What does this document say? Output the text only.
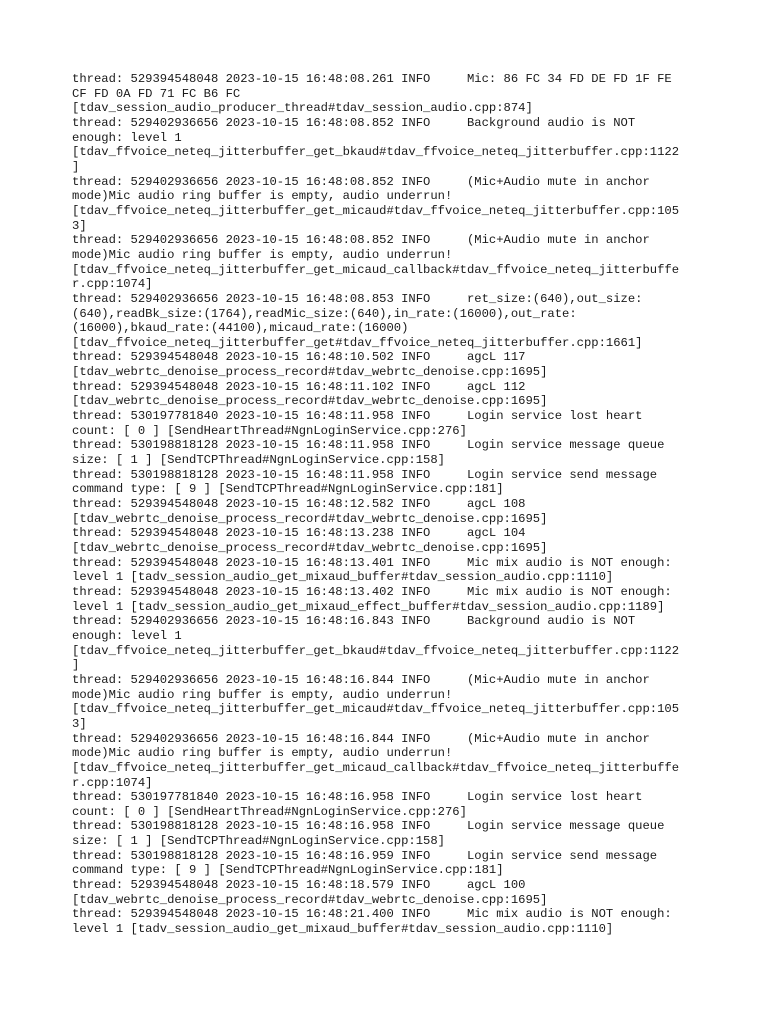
thread: 529394548048 2023-10-15 16:48:08.261 INFO     Mic: 86 FC 34 FD DE FD 1F FE
CF FD 0A FD 71 FC B6 FC
[tdav_session_audio_producer_thread#tdav_session_audio.cpp:874]
thread: 529402936656 2023-10-15 16:48:08.852 INFO     Background audio is NOT
enough: level 1
[tdav_ffvoice_neteq_jitterbuffer_get_bkaud#tdav_ffvoice_neteq_jitterbuffer.cpp:1122
]
thread: 529402936656 2023-10-15 16:48:08.852 INFO     (Mic+Audio mute in anchor
mode)Mic audio ring buffer is empty, audio underrun!
[tdav_ffvoice_neteq_jitterbuffer_get_micaud#tdav_ffvoice_neteq_jitterbuffer.cpp:105
3]
thread: 529402936656 2023-10-15 16:48:08.852 INFO     (Mic+Audio mute in anchor
mode)Mic audio ring buffer is empty, audio underrun!
[tdav_ffvoice_neteq_jitterbuffer_get_micaud_callback#tdav_ffvoice_neteq_jitterbuffe
r.cpp:1074]
thread: 529402936656 2023-10-15 16:48:08.853 INFO     ret_size:(640),out_size:
(640),readBk_size:(1764),readMic_size:(640),in_rate:(16000),out_rate:
(16000),bkaud_rate:(44100),micaud_rate:(16000)
[tdav_ffvoice_neteq_jitterbuffer_get#tdav_ffvoice_neteq_jitterbuffer.cpp:1661]
thread: 529394548048 2023-10-15 16:48:10.502 INFO     agcL 117
[tdav_webrtc_denoise_process_record#tdav_webrtc_denoise.cpp:1695]
thread: 529394548048 2023-10-15 16:48:11.102 INFO     agcL 112
[tdav_webrtc_denoise_process_record#tdav_webrtc_denoise.cpp:1695]
thread: 530197781840 2023-10-15 16:48:11.958 INFO     Login service lost heart
count: [ 0 ] [SendHeartThread#NgnLoginService.cpp:276]
thread: 530198818128 2023-10-15 16:48:11.958 INFO     Login service message queue
size: [ 1 ] [SendTCPThread#NgnLoginService.cpp:158]
thread: 530198818128 2023-10-15 16:48:11.958 INFO     Login service send message
command type: [ 9 ] [SendTCPThread#NgnLoginService.cpp:181]
thread: 529394548048 2023-10-15 16:48:12.582 INFO     agcL 108
[tdav_webrtc_denoise_process_record#tdav_webrtc_denoise.cpp:1695]
thread: 529394548048 2023-10-15 16:48:13.238 INFO     agcL 104
[tdav_webrtc_denoise_process_record#tdav_webrtc_denoise.cpp:1695]
thread: 529394548048 2023-10-15 16:48:13.401 INFO     Mic mix audio is NOT enough:
level 1 [tadv_session_audio_get_mixaud_buffer#tdav_session_audio.cpp:1110]
thread: 529394548048 2023-10-15 16:48:13.402 INFO     Mic mix audio is NOT enough:
level 1 [tadv_session_audio_get_mixaud_effect_buffer#tdav_session_audio.cpp:1189]
thread: 529402936656 2023-10-15 16:48:16.843 INFO     Background audio is NOT
enough: level 1
[tdav_ffvoice_neteq_jitterbuffer_get_bkaud#tdav_ffvoice_neteq_jitterbuffer.cpp:1122
]
thread: 529402936656 2023-10-15 16:48:16.844 INFO     (Mic+Audio mute in anchor
mode)Mic audio ring buffer is empty, audio underrun!
[tdav_ffvoice_neteq_jitterbuffer_get_micaud#tdav_ffvoice_neteq_jitterbuffer.cpp:105
3]
thread: 529402936656 2023-10-15 16:48:16.844 INFO     (Mic+Audio mute in anchor
mode)Mic audio ring buffer is empty, audio underrun!
[tdav_ffvoice_neteq_jitterbuffer_get_micaud_callback#tdav_ffvoice_neteq_jitterbuffe
r.cpp:1074]
thread: 530197781840 2023-10-15 16:48:16.958 INFO     Login service lost heart
count: [ 0 ] [SendHeartThread#NgnLoginService.cpp:276]
thread: 530198818128 2023-10-15 16:48:16.958 INFO     Login service message queue
size: [ 1 ] [SendTCPThread#NgnLoginService.cpp:158]
thread: 530198818128 2023-10-15 16:48:16.959 INFO     Login service send message
command type: [ 9 ] [SendTCPThread#NgnLoginService.cpp:181]
thread: 529394548048 2023-10-15 16:48:18.579 INFO     agcL 100
[tdav_webrtc_denoise_process_record#tdav_webrtc_denoise.cpp:1695]
thread: 529394548048 2023-10-15 16:48:21.400 INFO     Mic mix audio is NOT enough:
level 1 [tadv_session_audio_get_mixaud_buffer#tdav_session_audio.cpp:1110]
